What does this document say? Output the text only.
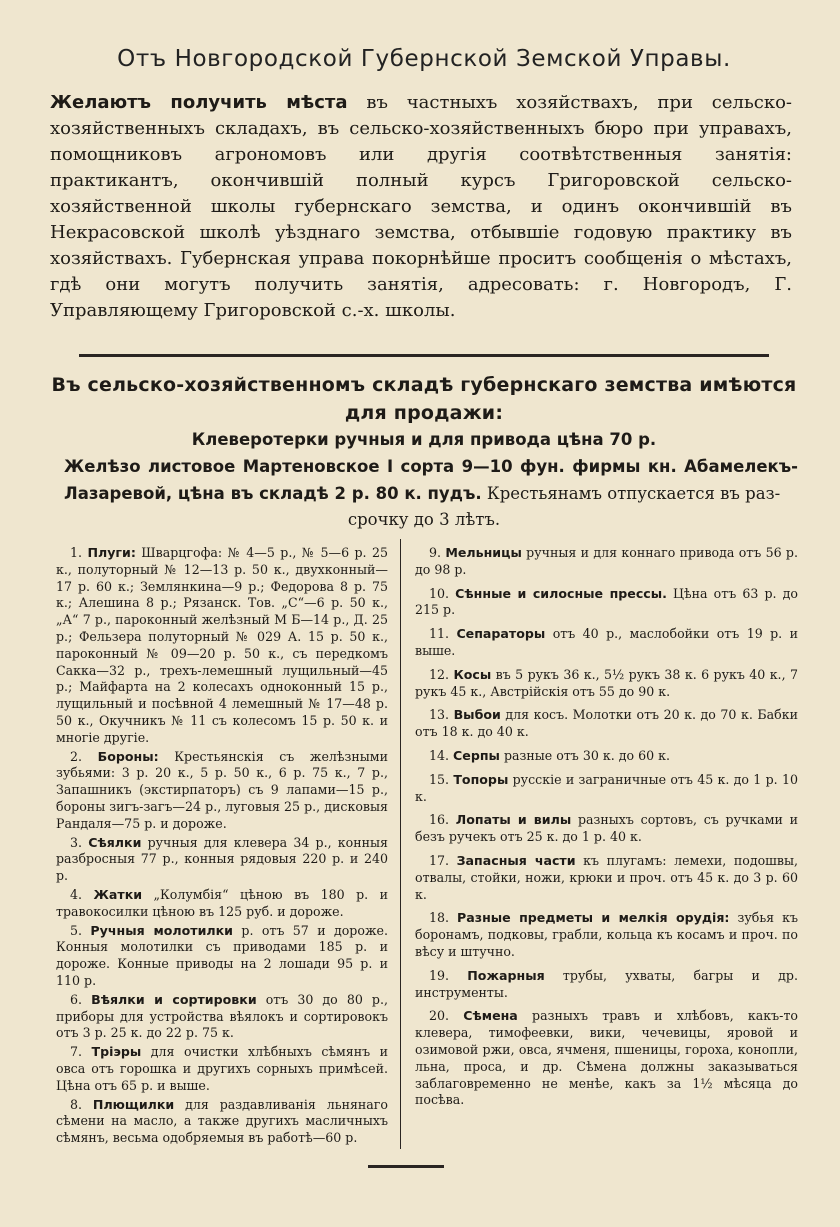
Отъ Новгородской Губернской Земской Управы.

Желаютъ получить мѣста въ частныхъ хозяйствахъ, при сельско-хозяйственныхъ складахъ, въ сельско-хозяйственныхъ бюро при управахъ, помощниковъ агрономовъ или другія соотвѣтственныя занятія: практикантъ, окончившій полный курсъ Григоровской сельско-хозяйственной школы губернскаго земства, и одинъ окончившій въ Некрасовской школѣ уѣзднаго земства, отбывшіе годовую практику въ хозяйствахъ. Губернская управа покорнѣйше проситъ сообщенія о мѣстахъ, гдѣ они могутъ получить занятія, адресовать: г. Новгородъ, Г. Управляющему Григоровской с.-х. школы.

Въ сельско-хозяйственномъ складѣ губернскаго земства имѣются для продажи:
Клеверотерки ручныя и для привода цѣна 70 р.
Желѣзо листовое Мартеновское I сорта 9—10 фун. фирмы кн. Абамелекъ-Лазаревой, цѣна въ складѣ 2 р. 80 к. пудъ. Крестьянамъ отпускается въ раз-
срочку до 3 лѣтъ.

1. Плуги: Шварцгофа: № 4—5 р., № 5—6 р. 25 к., полуторный № 12—13 р. 50 к., двухконный—17 р. 60 к.; Землянкина—9 р.; Федорова 8 р. 75 к.; Алешина 8 р.; Рязанск. Тов. „С“—6 р. 50 к., „А“ 7 р., пароконный желѣзный М Б—14 р., Д. 25 р.; Фельзера полуторный № 029 А. 15 р. 50 к., пароконный № 09—20 р. 50 к., съ передкомъ Сакка—32 р., трехъ-лемешный лущильный—45 р.; Майфарта на 2 колесахъ одноконный 15 р., лущильный и посѣвной 4 лемешный № 17—48 р. 50 к., Окучникъ № 11 съ колесомъ 15 р. 50 к. и многіе другіе.

2. Бороны: Крестьянскія съ желѣзными зубьями: 3 р. 20 к., 5 р. 50 к., 6 р. 75 к., 7 р., Запашникъ (экстирпаторъ) съ 9 лапами—15 р., бороны зигъ-загъ—24 р., луговыя 25 р., дисковыя Рандаля—75 р. и дороже.

3. Сѣялки ручныя для клевера 34 р., конныя разбросныя 77 р., конныя рядовыя 220 р. и 240 р.

4. Жатки „Колумбія“ цѣною въ 180 р. и травокосилки цѣною въ 125 руб. и дороже.

5. Ручныя молотилки р. отъ 57 и дороже. Конныя молотилки съ приводами 185 р. и дороже. Конные приводы на 2 лошади 95 р. и 110 р.

6. Вѣялки и сортировки отъ 30 до 80 р., приборы для устройства вѣялокъ и сортировокъ отъ 3 р. 25 к. до 22 р. 75 к.

7. Тріэры для очистки хлѣбныхъ сѣмянъ и овса отъ горошка и другихъ сорныхъ примѣсей. Цѣна отъ 65 р. и выше.

8. Плющилки для раздавливанія льнянаго сѣмени на масло, а также другихъ масличныхъ сѣмянъ, весьма одобряемыя въ работѣ—60 р.

9. Мельницы ручныя и для коннаго привода отъ 56 р. до 98 р.

10. Сѣнные и силосные прессы. Цѣна отъ 63 р. до 215 р.

11. Сепараторы отъ 40 р., маслобойки отъ 19 р. и выше.

12. Косы въ 5 рукъ 36 к., 5½ рукъ 38 к. 6 рукъ 40 к., 7 рукъ 45 к., Австрійскія отъ 55 до 90 к.

13. Выбои для косъ. Молотки отъ 20 к. до 70 к. Бабки отъ 18 к. до 40 к.

14. Серпы разные отъ 30 к. до 60 к.

15. Топоры русскіе и заграничные отъ 45 к. до 1 р. 10 к.

16. Лопаты и вилы разныхъ сортовъ, съ ручками и безъ ручекъ отъ 25 к. до 1 р. 40 к.

17. Запасныя части къ плугамъ: лемехи, подошвы, отвалы, стойки, ножи, крюки и проч. отъ 45 к. до 3 р. 60 к.

18. Разные предметы и мелкія орудія: зубья къ боронамъ, подковы, грабли, кольца къ косамъ и проч. по вѣсу и штучно.

19. Пожарныя трубы, ухваты, багры и др. инструменты.

20. Сѣмена разныхъ травъ и хлѣбовъ, какъ-то клевера, тимофеевки, вики, чечевицы, яровой и озимовой ржи, овса, ячменя, пшеницы, гороха, конопли, льна, проса, и др. Сѣмена должны заказываться заблаговременно не менѣе, какъ за 1½ мѣсяца до посѣва.
